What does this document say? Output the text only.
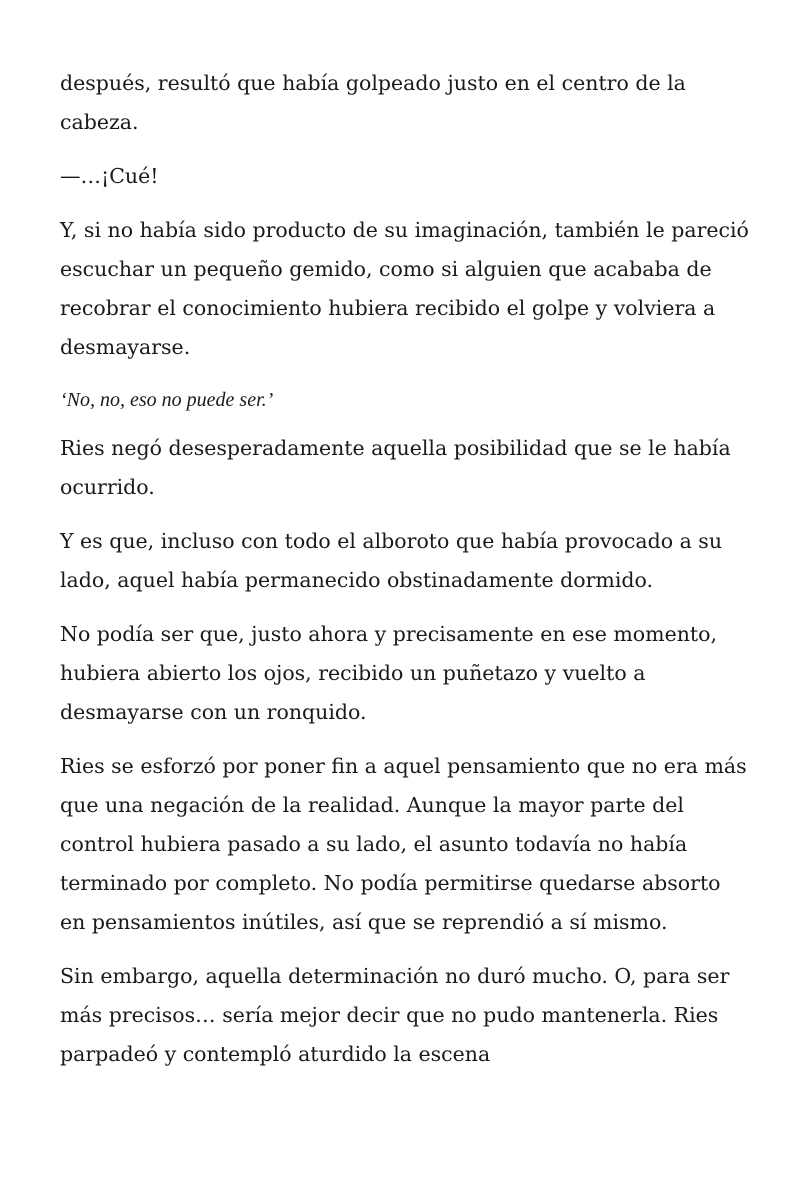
después, resultó que había golpeado justo en el centro de la cabeza.

—…¡Cué!

Y, si no había sido producto de su imaginación, también le pareció escuchar un pequeño gemido, como si alguien que acababa de recobrar el conocimiento hubiera recibido el golpe y volviera a desmayarse.

‘No, no, eso no puede ser.’

Ries negó desesperadamente aquella posibilidad que se le había ocurrido.

Y es que, incluso con todo el alboroto que había provocado a su lado, aquel había permanecido obstinadamente dormido.

No podía ser que, justo ahora y precisamente en ese momento, hubiera abierto los ojos, recibido un puñetazo y vuelto a desmayarse con un ronquido.

Ries se esforzó por poner fin a aquel pensamiento que no era más que una negación de la realidad. Aunque la mayor parte del control hubiera pasado a su lado, el asunto todavía no había terminado por completo. No podía permitirse quedarse absorto en pensamientos inútiles, así que se reprendió a sí mismo.

Sin embargo, aquella determinación no duró mucho. O, para ser más precisos… sería mejor decir que no pudo mantenerla. Ries parpadeó y contempló aturdido la escena
